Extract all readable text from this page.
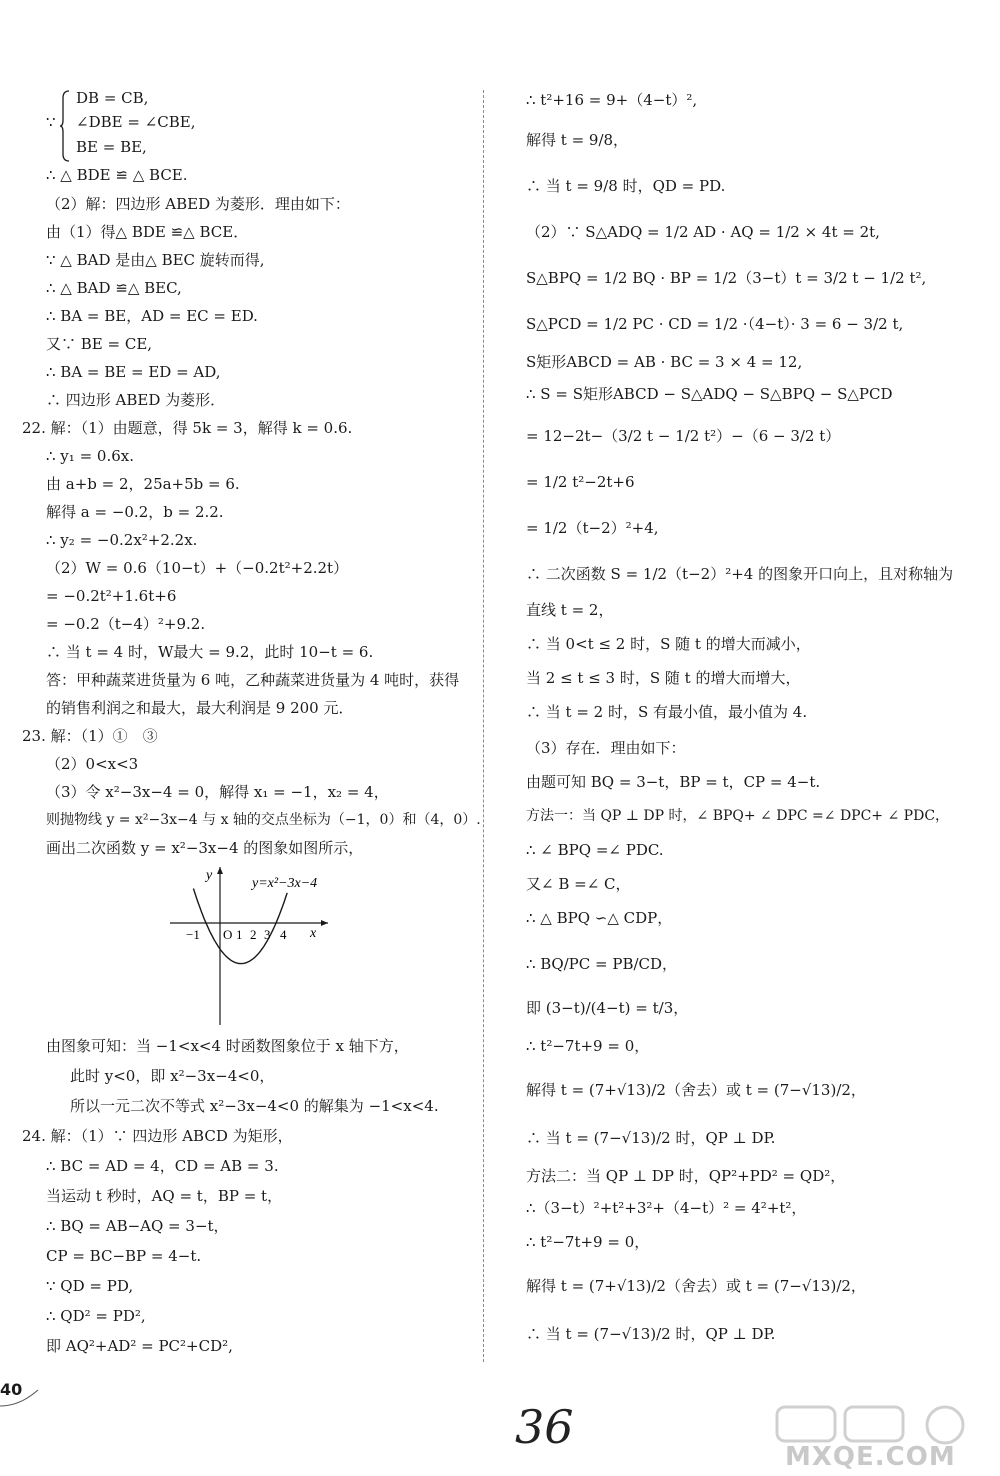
DB = CB,
∵ ∠DBE = ∠CBE,
BE = BE,
∴ △ BDE ≌ △ BCE.
（2）解：四边形 ABED 为菱形．理由如下：
由（1）得△ BDE ≌△ BCE．
∵ △ BAD 是由△ BEC 旋转而得,
∴ △ BAD ≌△ BEC,
∴ BA = BE，AD = EC = ED.
又∵ BE = CE,
∴ BA = BE = ED = AD,
∴ 四边形 ABED 为菱形．
22. 解：（1）由题意，得 5k = 3，解得 k = 0.6.
∴ y₁ = 0.6x.
由 a+b = 2，25a+5b = 6.
解得 a = −0.2，b = 2.2.
∴ y₂ = −0.2x²+2.2x.
（2）W = 0.6（10−t）+（−0.2t²+2.2t）
= −0.2t²+1.6t+6
= −0.2（t−4）²+9.2.
∴ 当 t = 4 时，W最大 = 9.2，此时 10−t = 6.
答：甲种蔬菜进货量为 6 吨，乙种蔬菜进货量为 4 吨时，获得
的销售利润之和最大，最大利润是 9 200 元．
23. 解：（1）①　③
（2）0<x<3
（3）令 x²−3x−4 = 0，解得 x₁ = −1，x₂ = 4，
则抛物线 y = x²−3x−4 与 x 轴的交点坐标为（−1，0）和（4，0）.
画出二次函数 y = x²−3x−4 的图象如图所示，
y=x²−3x−4
y
x
−1 O 1 2 3 4
由图象可知：当 −1<x<4 时函数图象位于 x 轴下方，
此时 y<0，即 x²−3x−4<0，
所以一元二次不等式 x²−3x−4<0 的解集为 −1<x<4.
24. 解：（1）∵ 四边形 ABCD 为矩形，
∴ BC = AD = 4，CD = AB = 3.
当运动 t 秒时，AQ = t，BP = t，
∴ BQ = AB−AQ = 3−t，
CP = BC−BP = 4−t.
∵ QD = PD,
∴ QD² = PD²,
即 AQ²+AD² = PC²+CD²,
∴ t²+16 = 9+（4−t）²,
解得 t = 9/8，
∴ 当 t = 9/8 时，QD = PD.
（2）∵ S△ADQ = 1/2 AD · AQ = 1/2 × 4t = 2t,
S△BPQ = 1/2 BQ · BP = 1/2（3−t）t = 3/2 t − 1/2 t²,
S△PCD = 1/2 PC · CD = 1/2 ·（4−t）· 3 = 6 − 3/2 t,
S矩形ABCD = AB · BC = 3 × 4 = 12,
∴ S = S矩形ABCD − S△ADQ − S△BPQ − S△PCD
= 12−2t−（3/2 t − 1/2 t²）−（6 − 3/2 t）
= 1/2 t²−2t+6
= 1/2（t−2）²+4,
∴ 二次函数 S = 1/2（t−2）²+4 的图象开口向上，且对称轴为
直线 t = 2，
∴ 当 0<t ≤ 2 时，S 随 t 的增大而减小，
当 2 ≤ t ≤ 3 时，S 随 t 的增大而增大，
∴ 当 t = 2 时，S 有最小值，最小值为 4.
（3）存在．理由如下：
由题可知 BQ = 3−t，BP = t，CP = 4−t.
方法一：当 QP ⊥ DP 时，∠ BPQ+ ∠ DPC =∠ DPC+ ∠ PDC，
∴ ∠ BPQ =∠ PDC.
又∠ B =∠ C，
∴ △ BPQ ∽△ CDP，
∴ BQ/PC = PB/CD，
即 (3−t)/(4−t) = t/3，
∴ t²−7t+9 = 0，
解得 t = (7+√13)/2（舍去）或 t = (7−√13)/2，
∴ 当 t = (7−√13)/2 时，QP ⊥ DP.
方法二：当 QP ⊥ DP 时，QP²+PD² = QD²，
∴（3−t）²+t²+3²+（4−t）² = 4²+t²，
∴ t²−7t+9 = 0，
解得 t = (7+√13)/2（舍去）或 t = (7−√13)/2，
∴ 当 t = (7−√13)/2 时，QP ⊥ DP.
40
36
MXQE.COM
